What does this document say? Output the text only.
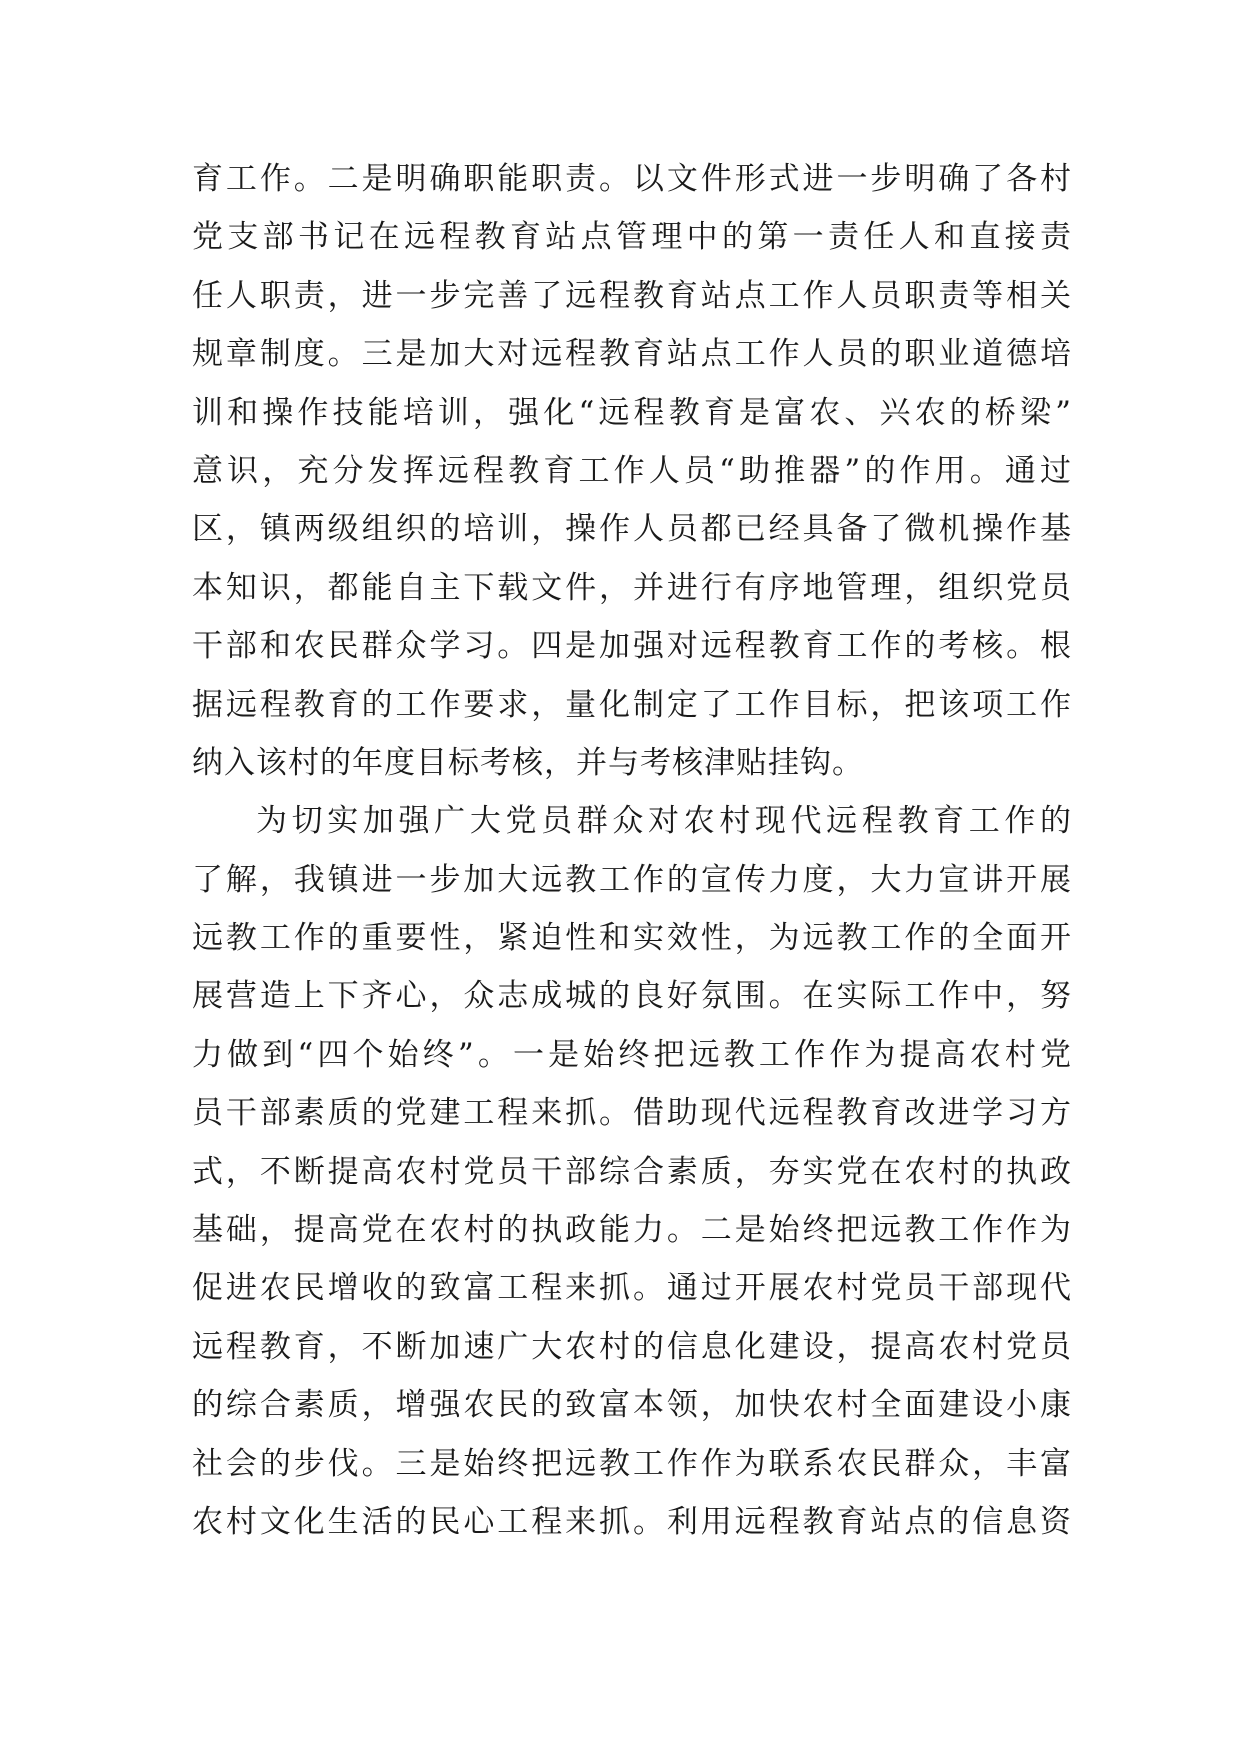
育工作。二是明确职能职责。以文件形式进一步明确了各村
党支部书记在远程教育站点管理中的第一责任人和直接责
任人职责，进一步完善了远程教育站点工作人员职责等相关
规章制度。三是加大对远程教育站点工作人员的职业道德培
训和操作技能培训，强化“远程教育是富农、兴农的桥梁”
意识，充分发挥远程教育工作人员“助推器”的作用。通过
区，镇两级组织的培训，操作人员都已经具备了微机操作基
本知识，都能自主下载文件，并进行有序地管理，组织党员
干部和农民群众学习。四是加强对远程教育工作的考核。根
据远程教育的工作要求，量化制定了工作目标，把该项工作
纳入该村的年度目标考核，并与考核津贴挂钩。
为切实加强广大党员群众对农村现代远程教育工作的
了解，我镇进一步加大远教工作的宣传力度，大力宣讲开展
远教工作的重要性，紧迫性和实效性，为远教工作的全面开
展营造上下齐心，众志成城的良好氛围。在实际工作中，努
力做到“四个始终”。一是始终把远教工作作为提高农村党
员干部素质的党建工程来抓。借助现代远程教育改进学习方
式，不断提高农村党员干部综合素质，夯实党在农村的执政
基础，提高党在农村的执政能力。二是始终把远教工作作为
促进农民增收的致富工程来抓。通过开展农村党员干部现代
远程教育，不断加速广大农村的信息化建设，提高农村党员
的综合素质，增强农民的致富本领，加快农村全面建设小康
社会的步伐。三是始终把远教工作作为联系农民群众，丰富
农村文化生活的民心工程来抓。利用远程教育站点的信息资
